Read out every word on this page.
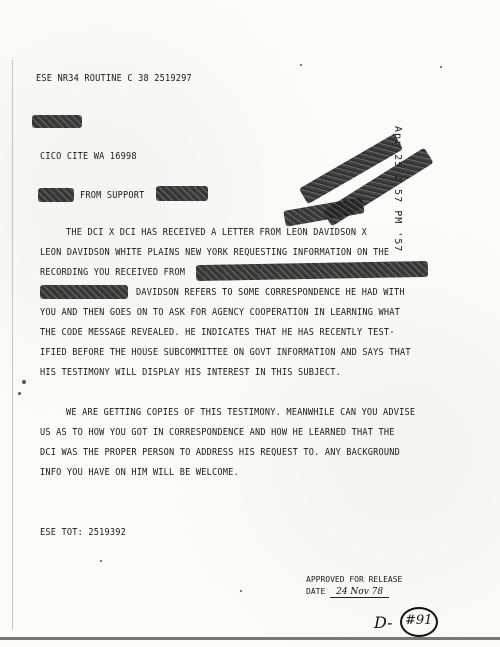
ESE NR34 ROUTINE C 38 2519297
CICO CITE WA 16998
FROM SUPPORT	Apr 25 2 57 PM '57
THE DCI X DCI HAS RECEIVED A LETTER FROM LEON DAVIDSON X
LEON DAVIDSON WHITE PLAINS NEW YORK REQUESTING INFORMATION ON THE
RECORDING YOU RECEIVED FROM
DAVIDSON REFERS TO SOME CORRESPONDENCE HE HAD WITH
YOU AND THEN GOES ON TO ASK FOR AGENCY COOPERATION IN LEARNING WHAT
THE CODE MESSAGE REVEALED. HE INDICATES THAT HE HAS RECENTLY TEST-
IFIED BEFORE THE HOUSE SUBCOMMITTEE ON GOVT INFORMATION AND SAYS THAT
HIS TESTIMONY WILL DISPLAY HIS INTEREST IN THIS SUBJECT.
WE ARE GETTING COPIES OF THIS TESTIMONY. MEANWHILE CAN YOU ADVISE
US AS TO HOW YOU GOT IN CORRESPONDENCE AND HOW HE LEARNED THAT THE
DCI WAS THE PROPER PERSON TO ADDRESS HIS REQUEST TO. ANY BACKGROUND
INFO YOU HAVE ON HIM WILL BE WELCOME.
ESE TOT: 2519392
APPROVED FOR RELEASE
DATE 24 Nov 78
D- #91
